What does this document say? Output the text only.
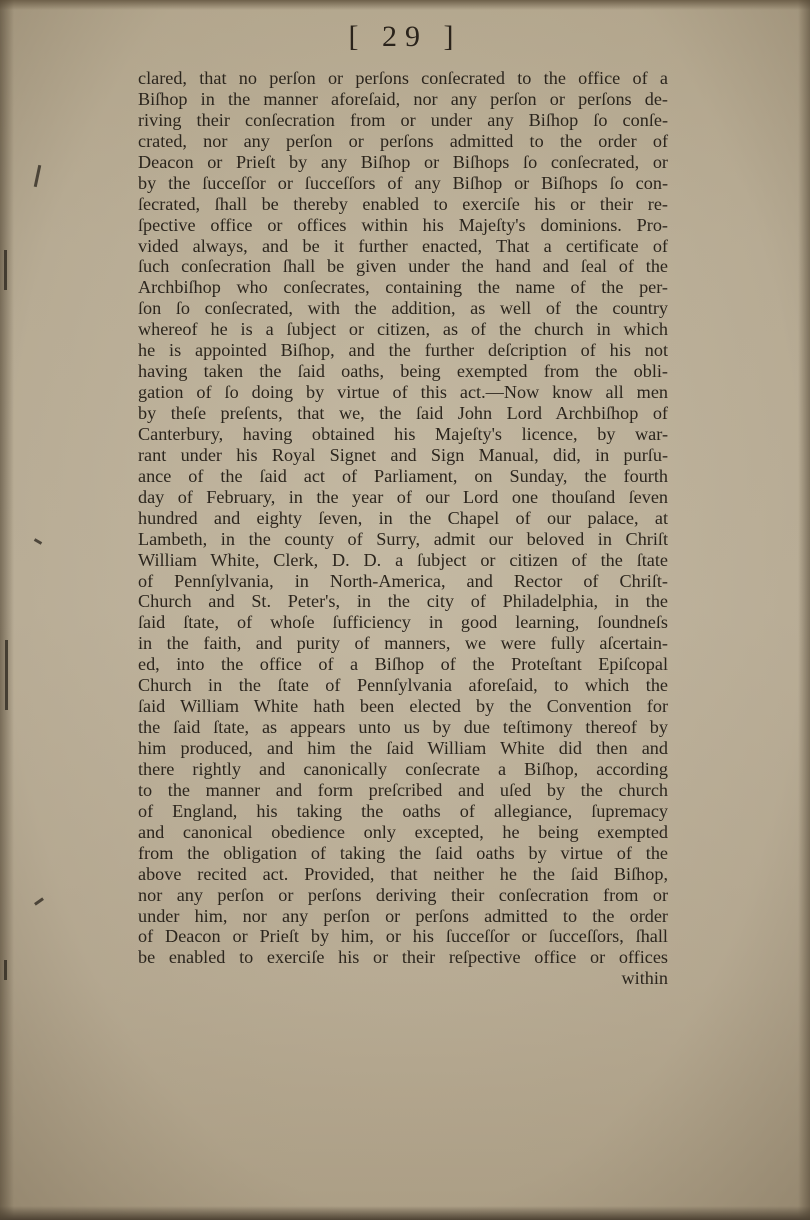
[ 29 ]
clared, that no perſon or perſons conſecrated to the office of a
Biſhop in the manner aforeſaid, nor any perſon or perſons de-
riving their conſecration from or under any Biſhop ſo conſe-
crated, nor any perſon or perſons admitted to the order of
Deacon or Prieſt by any Biſhop or Biſhops ſo conſecrated, or
by the ſucceſſor or ſucceſſors of any Biſhop or Biſhops ſo con-
ſecrated, ſhall be thereby enabled to exerciſe his or their re-
ſpective office or offices within his Majeſty's dominions. Pro-
vided always, and be it further enacted, That a certificate of
ſuch conſecration ſhall be given under the hand and ſeal of the
Archbiſhop who conſecrates, containing the name of the per-
ſon ſo conſecrated, with the addition, as well of the country
whereof he is a ſubject or citizen, as of the church in which
he is appointed Biſhop, and the further deſcription of his not
having taken the ſaid oaths, being exempted from the obli-
gation of ſo doing by virtue of this act.—Now know all men
by theſe preſents, that we, the ſaid John Lord Archbiſhop of
Canterbury, having obtained his Majeſty's licence, by war-
rant under his Royal Signet and Sign Manual, did, in purſu-
ance of the ſaid act of Parliament, on Sunday, the fourth
day of February, in the year of our Lord one thouſand ſeven
hundred and eighty ſeven, in the Chapel of our palace, at
Lambeth, in the county of Surry, admit our beloved in Chriſt
William White, Clerk, D. D. a ſubject or citizen of the ſtate
of Pennſylvania, in North-America, and Rector of Chriſt-
Church and St. Peter's, in the city of Philadelphia, in the
ſaid ſtate, of whoſe ſufficiency in good learning, ſoundneſs
in the faith, and purity of manners, we were fully aſcertain-
ed, into the office of a Biſhop of the Proteſtant Epiſcopal
Church in the ſtate of Pennſylvania aforeſaid, to which the
ſaid William White hath been elected by the Convention for
the ſaid ſtate, as appears unto us by due teſtimony thereof by
him produced, and him the ſaid William White did then and
there rightly and canonically conſecrate a Biſhop, according
to the manner and form preſcribed and uſed by the church
of England, his taking the oaths of allegiance, ſupremacy
and canonical obedience only excepted, he being exempted
from the obligation of taking the ſaid oaths by virtue of the
above recited act. Provided, that neither he the ſaid Biſhop,
nor any perſon or perſons deriving their conſecration from or
under him, nor any perſon or perſons admitted to the order
of Deacon or Prieſt by him, or his ſucceſſor or ſucceſſors, ſhall
be enabled to exerciſe his or their reſpective office or offices
within
